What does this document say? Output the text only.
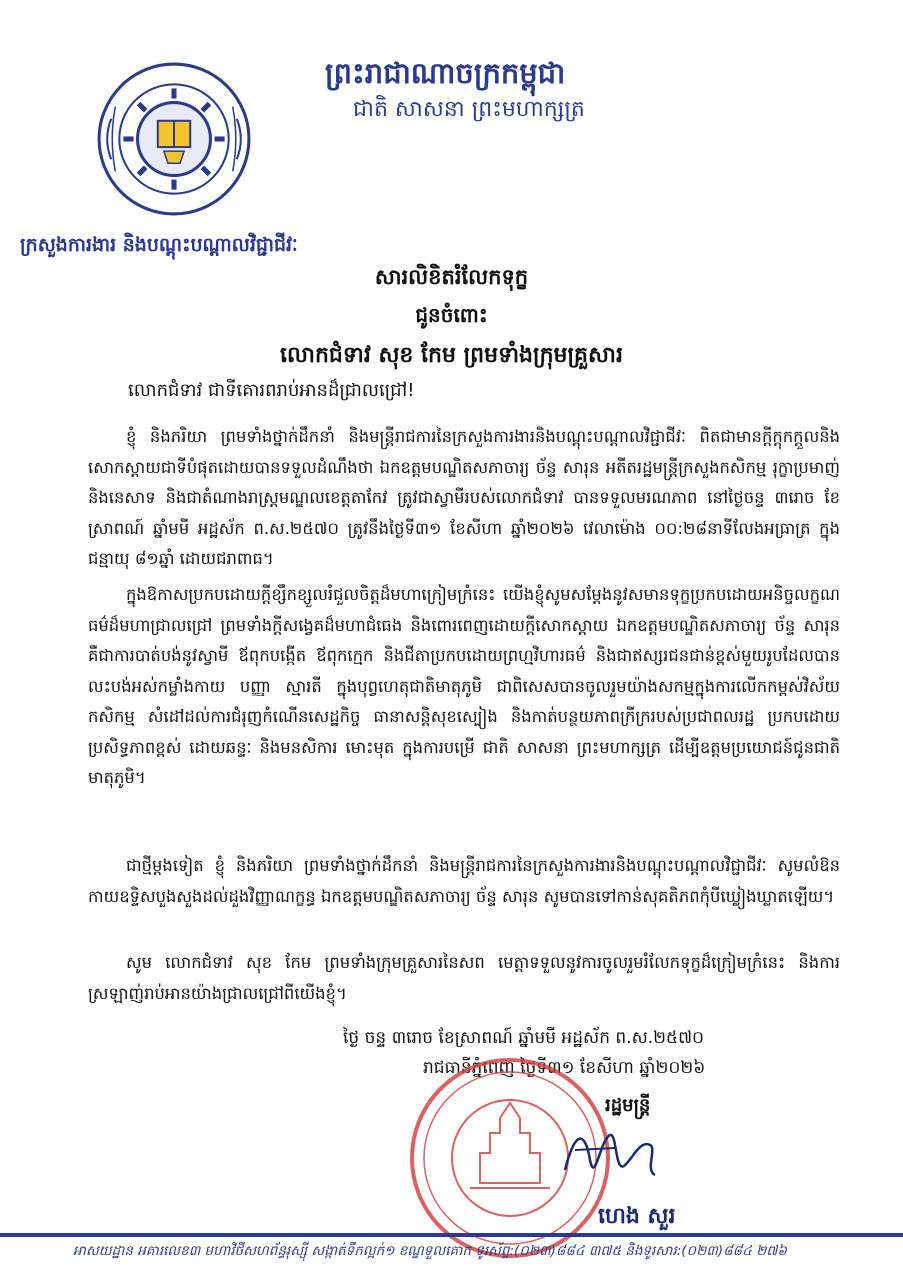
ព្រះរាជាណាចក្រកម្ពុជា
ជាតិ សាសនា ព្រះមហាក្សត្រ
ក្រសួងការងារ និងបណ្តុះបណ្តាលវិជ្ជាជីវៈ
សារលិខិតរំលែកទុក្ខ
ជូនចំពោះ
លោកជំទាវ សុខ កែម ព្រមទាំងក្រុមគ្រួសារ
លោកជំទាវ ជាទីគោរពរាប់អានដ៏ជ្រាលជ្រៅ!
ខ្ញុំ និងភរិយា ព្រមទាំងថ្នាក់ដឹកនាំ និងមន្ត្រីរាជការនៃក្រសួងការងារនិងបណ្តុះបណ្តាលវិជ្ជាជីវៈ ពិតជាមានក្តីក្តុកក្តួលនិងសោកស្តាយជាទីបំផុតដោយបានទទួលដំណឹងថា ឯកឧត្តមបណ្ឌិតសភាចារ្យ ច័ន្ទ សារុន អតីតរដ្ឋមន្ត្រីក្រសួងកសិកម្ម រុក្ខាប្រមាញ់ និងនេសាទ និងជាតំណាងរាស្ត្រមណ្ឌលខេត្តតាកែវ ត្រូវជាស្វាមីរបស់លោកជំទាវ បានទទួលមរណភាព នៅថ្ងៃចន្ទ ៣រោច ខែស្រាពណ៍ ឆ្នាំមមី អដ្ឋស័ក ព.ស.២៥៧០ ត្រូវនឹងថ្ងៃទី៣១ ខែសីហា ឆ្នាំ២០២៦ វេលាម៉ោង ០០:២៨នាទីលែងអធ្រាត្រ ក្នុងជន្មាយុ ៨១ឆ្នាំ ដោយជរាពាធ។
ក្នុងឱកាសប្រកបដោយក្តីខ្សឹកខ្សួលរំជួលចិត្តដ៏មហាក្រៀមក្រំនេះ យើងខ្ញុំសូមសម្តែងនូវសមានទុក្ខប្រកបដោយអនិច្ចលក្ខណធម៌ដ៏មហាជ្រាលជ្រៅ ព្រមទាំងក្តីសង្វេគដ៏មហាជំធេង និងពោរពេញដោយក្តីសោកស្តាយ ឯកឧត្តមបណ្ឌិតសភាចារ្យ ច័ន្ទ សារុន គឺជាការបាត់បង់នូវស្វាមី ឪពុកបង្កើត ឪពុកក្មេក និងជីតាប្រកបដោយព្រហ្មវិហារធម៌ និងជាឥស្សរជនជាន់ខ្ពស់មួយរូបដែលបានលះបង់អស់កម្លាំងកាយ បញ្ញា ស្មារតី ក្នុងបុព្វហេតុជាតិមាតុភូមិ ជាពិសេសបានចូលរួមយ៉ាងសកម្មក្នុងការលើកកម្ពស់វិស័យកសិកម្ម សំដៅដល់ការជំរុញកំណើនសេដ្ឋកិច្ច ធានាសន្តិសុខស្បៀង និងកាត់បន្ថយភាពក្រីក្ររបស់ប្រជាពលរដ្ឋ ប្រកបដោយប្រសិទ្ធភាពខ្ពស់ ដោយឆន្ទៈ និងមនសិការ មោះមុត ក្នុងការបម្រើ ជាតិ សាសនា ព្រះមហាក្សត្រ ដើម្បីឧត្តមប្រយោជន៍ជូនជាតិមាតុភូមិ។
ជាថ្មីម្តងទៀត ខ្ញុំ និងភរិយា ព្រមទាំងថ្នាក់ដឹកនាំ និងមន្ត្រីរាជការនៃក្រសួងការងារនិងបណ្តុះបណ្តាលវិជ្ជាជីវៈ សូមលំឱនកាយឧទ្ទិសបួងសួងដល់ដួងវិញ្ញាណក្ខន្ធ ឯកឧត្តមបណ្ឌិតសភាចារ្យ ច័ន្ទ សារុន សូមបានទៅកាន់សុគតិភពកុំបីឃ្លៀងឃ្លាតឡើយ។
សូម លោកជំទាវ សុខ កែម ព្រមទាំងក្រុមគ្រួសារនៃសព មេត្តាទទួលនូវការចូលរួមរំលែកទុក្ខដ៏ក្រៀមក្រំនេះ និងការស្រឡាញ់រាប់អានយ៉ាងជ្រាលជ្រៅពីយើងខ្ញុំ។
ថ្ងៃ ចន្ទ ៣រោច ខែស្រាពណ៍ ឆ្នាំមមី អដ្ឋស័ក ព.ស.២៥៧០
រាជធានីភ្នំពេញ ថ្ងៃទី៣១ ខែសីហា ឆ្នាំ២០២៦
រដ្ឋមន្ត្រី
ហេង សួរ
អាសយដ្ឋាន អគារលេខ៣ មហាវិថីសហព័ន្ធរុស្ស៊ី សង្កាត់ទឹកល្អក់១ ខណ្ឌទួលគោក ទូរស័ព្ទ:(០២៣)៨៨៤ ៣៧៥ និងទូរសារ:(០២៣)៨៨៤ ២៧៦
